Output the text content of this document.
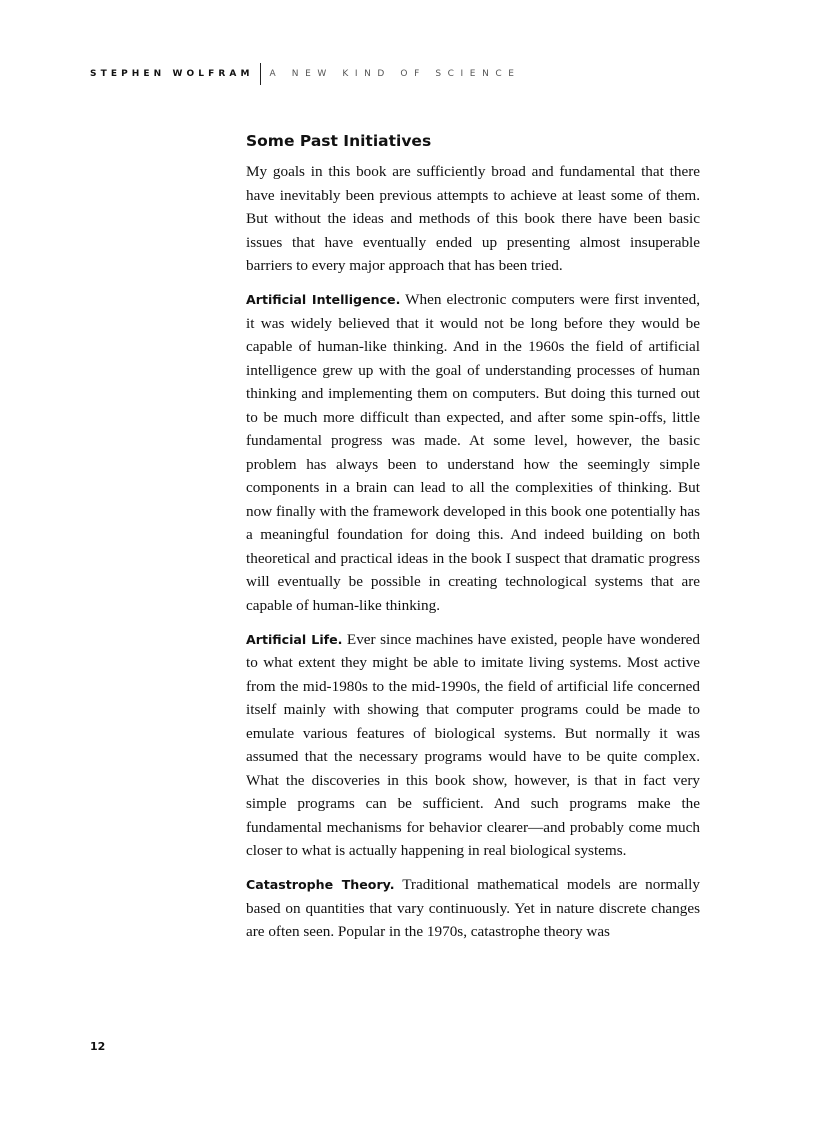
STEPHEN WOLFRAM A NEW KIND OF SCIENCE
Some Past Initiatives

My goals in this book are sufficiently broad and fundamental that there have inevitably been previous attempts to achieve at least some of them. But without the ideas and methods of this book there have been basic issues that have eventually ended up presenting almost insuperable barriers to every major approach that has been tried.

Artificial Intelligence. When electronic computers were first invented, it was widely believed that it would not be long before they would be capable of human-like thinking. And in the 1960s the field of artificial intelligence grew up with the goal of understanding processes of human thinking and implementing them on computers. But doing this turned out to be much more difficult than expected, and after some spin-offs, little fundamental progress was made. At some level, however, the basic problem has always been to understand how the seemingly simple components in a brain can lead to all the complexities of thinking. But now finally with the framework developed in this book one potentially has a meaningful foundation for doing this. And indeed building on both theoretical and practical ideas in the book I suspect that dramatic progress will eventually be possible in creating technological systems that are capable of human-like thinking.

Artificial Life. Ever since machines have existed, people have wondered to what extent they might be able to imitate living systems. Most active from the mid-1980s to the mid-1990s, the field of artificial life concerned itself mainly with showing that computer programs could be made to emulate various features of biological systems. But normally it was assumed that the necessary programs would have to be quite complex. What the discoveries in this book show, however, is that in fact very simple programs can be sufficient. And such programs make the fundamental mechanisms for behavior clearer—and probably come much closer to what is actually happening in real biological systems.

Catastrophe Theory. Traditional mathematical models are normally based on quantities that vary continuously. Yet in nature discrete changes are often seen. Popular in the 1970s, catastrophe theory was

12
